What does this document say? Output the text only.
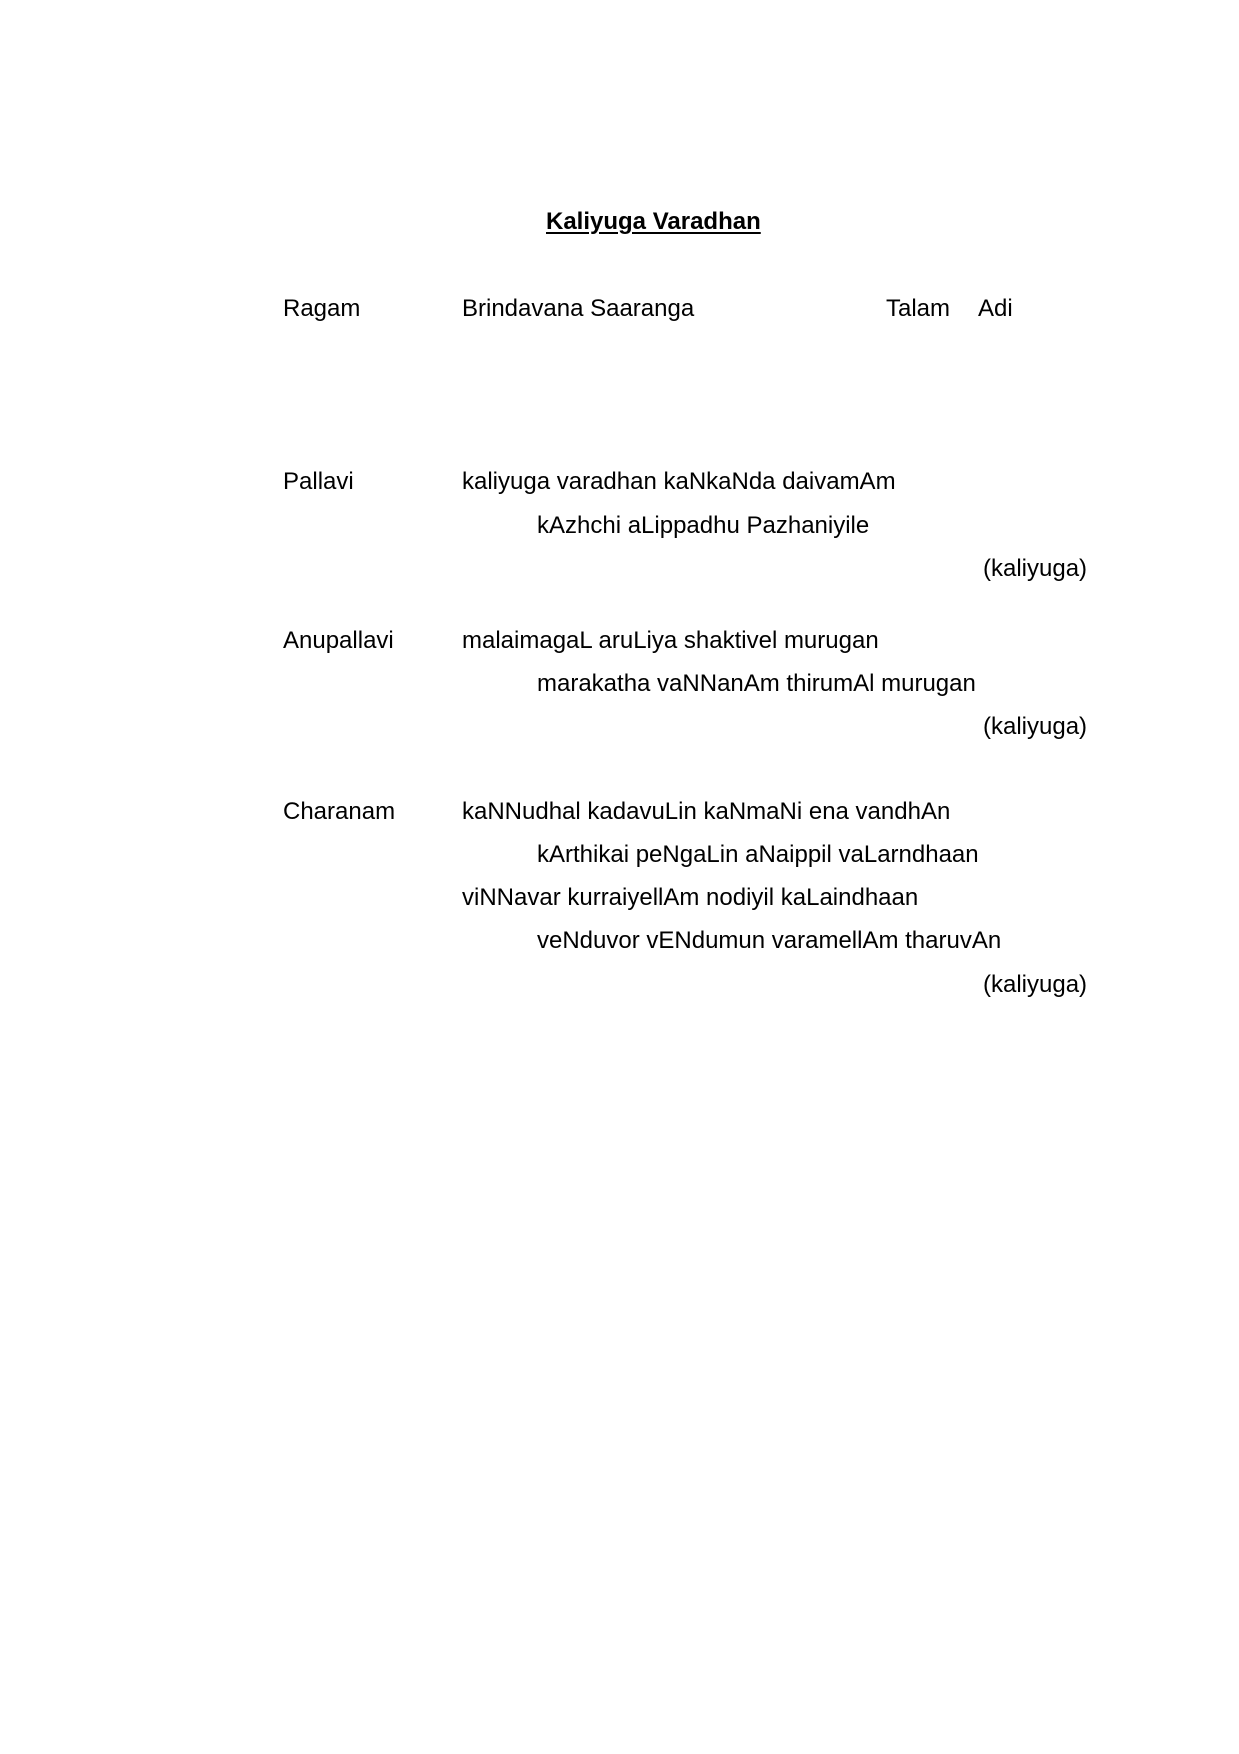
Kaliyuga Varadhan
Ragam	Brindavana Saaranga	Talam Adi
Pallavi	kaliyuga varadhan kaNkaNda daivamAm
kAzhchi aLippadhu Pazhaniyile
(kaliyuga)
Anupallavi	malaimagaL aruLiya shaktivel murugan
marakatha vaNNanAm thirumAl murugan
(kaliyuga)
Charanam	kaNNudhal kadavuLin kaNmaNi ena vandhAn
kArthikai peNgaLin aNaippil vaLarndhaan
viNNavar kurraiyellAm nodiyil kaLaindhaan
veNduvor vENdumun varamellAm tharuvAn
(kaliyuga)
